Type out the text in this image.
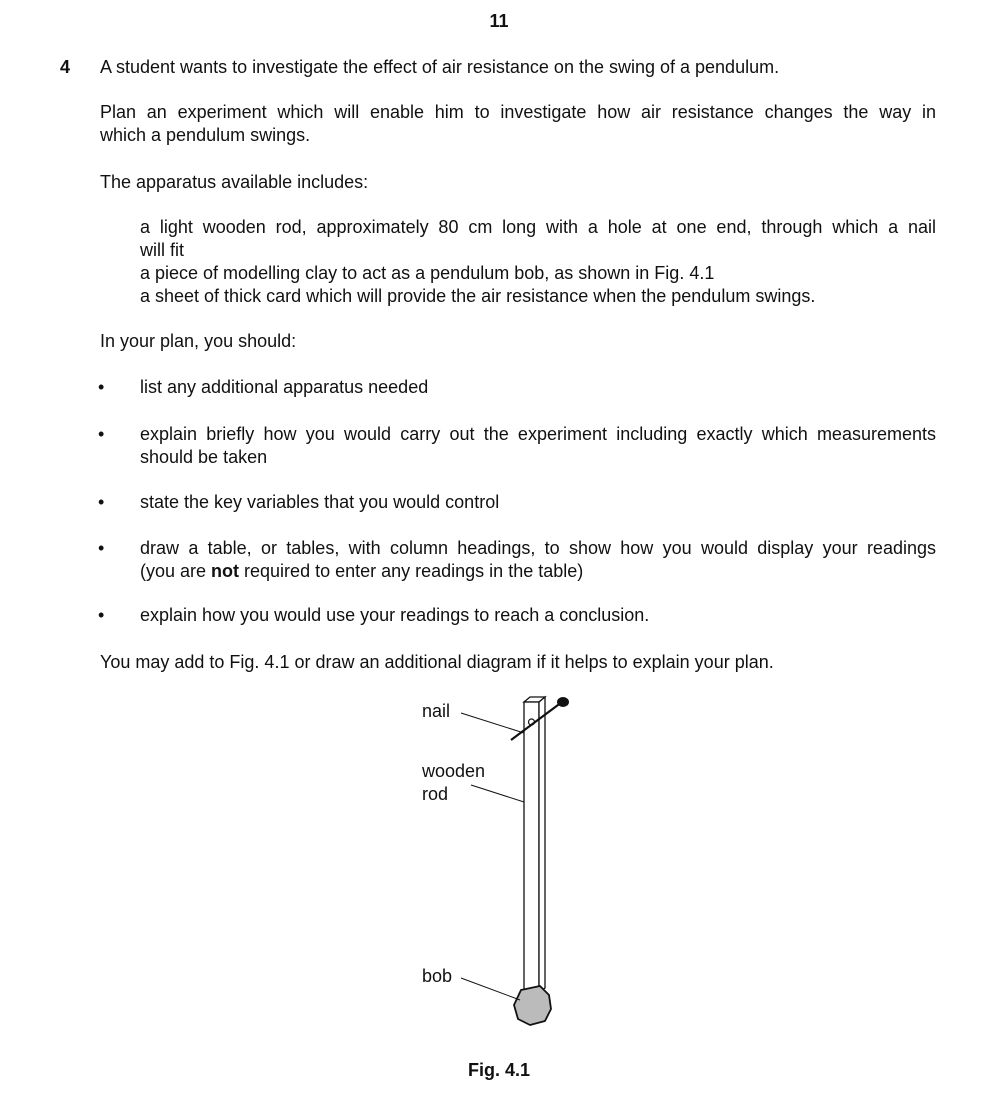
11
4 A student wants to investigate the effect of air resistance on the swing of a pendulum.
Plan an experiment which will enable him to investigate how air resistance changes the way in
which a pendulum swings.
The apparatus available includes:
a light wooden rod, approximately 80 cm long with a hole at one end, through which a nail
will fit
a piece of modelling clay to act as a pendulum bob, as shown in Fig. 4.1
a sheet of thick card which will provide the air resistance when the pendulum swings.
In your plan, you should:
• list any additional apparatus needed
• explain briefly how you would carry out the experiment including exactly which measurements
should be taken
• state the key variables that you would control
• draw a table, or tables, with column headings, to show how you would display your readings
(you are not required to enter any readings in the table)
• explain how you would use your readings to reach a conclusion.
You may add to Fig. 4.1 or draw an additional diagram if it helps to explain your plan.
nail
wooden
rod
bob
Fig. 4.1
